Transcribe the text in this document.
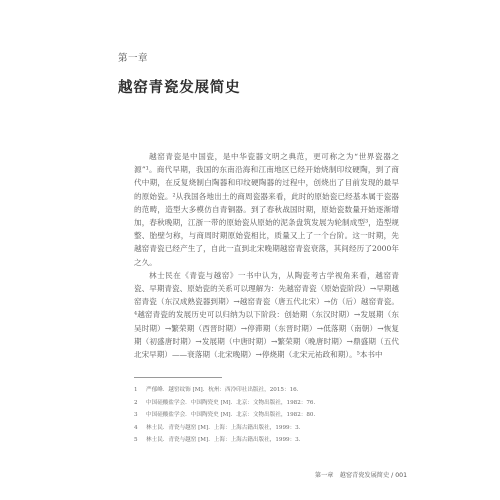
第一章
越窑青瓷发展简史

越窑青瓷是中国瓷，是中华瓷器文明之典范，更可称之为“世界瓷器之源”¹。商代早期，我国的东南沿海和江南地区已经开始烧制印纹硬陶，到了商代中期，在反复烧制白陶器和印纹硬陶器的过程中，创烧出了目前发现的最早的原始瓷。²从我国各地出土的商周瓷器来看，此时的原始瓷已经基本属于瓷器的范畴，造型大多模仿自青铜器。到了春秋战国时期，原始瓷数量开始逐渐增加，春秋晚期，江浙一带的原始瓷从原始的泥条盘筑发展为轮制成型³，造型规整、胎壁匀称，与商周时期原始瓷相比，质量又上了一个台阶。这一时期，先越窑青瓷已经产生了，自此一直到北宋晚期越窑青瓷衰落，其间经历了2000年之久。

林士民在《青瓷与越窑》一书中认为，从陶瓷考古学视角来看，越窑青瓷、早期青瓷、原始瓷的关系可以理解为：先越窑青瓷（原始瓷阶段）→早期越窑青瓷（东汉成熟瓷器到期）→越窑青瓷（唐五代北宋）→仿（后）越窑青瓷。⁴越窑青瓷的发展历史可以归纳为以下阶段：创始期（东汉时期）→发展期（东吴时期）→繁荣期（西晋时期）→停滞期（东晋时期）→低落期（南朝）→恢复期（初盛唐时期）→发展期（中唐时期）→繁荣期（晚唐时期）→鼎盛期（五代北宋早期）——衰落期（北宋晚期）→停烧期（北宋元祐政和期）。⁵本书中

1 严郁峰．越窑纹饰 [M]．杭州：西泠印社出版社，2015：16.
2 中国硅酸盐学会．中国陶瓷史 [M]．北京：文物出版社，1982：76.
3 中国硅酸盐学会．中国陶瓷史 [M]．北京：文物出版社，1982：80.
4 林士民．青瓷与越窑 [M]．上海：上海古籍出版社，1999：3.
5 林士民．青瓷与越窑 [M]．上海：上海古籍出版社，1999：3.
第一章　越窑青瓷发展简史 / 001
